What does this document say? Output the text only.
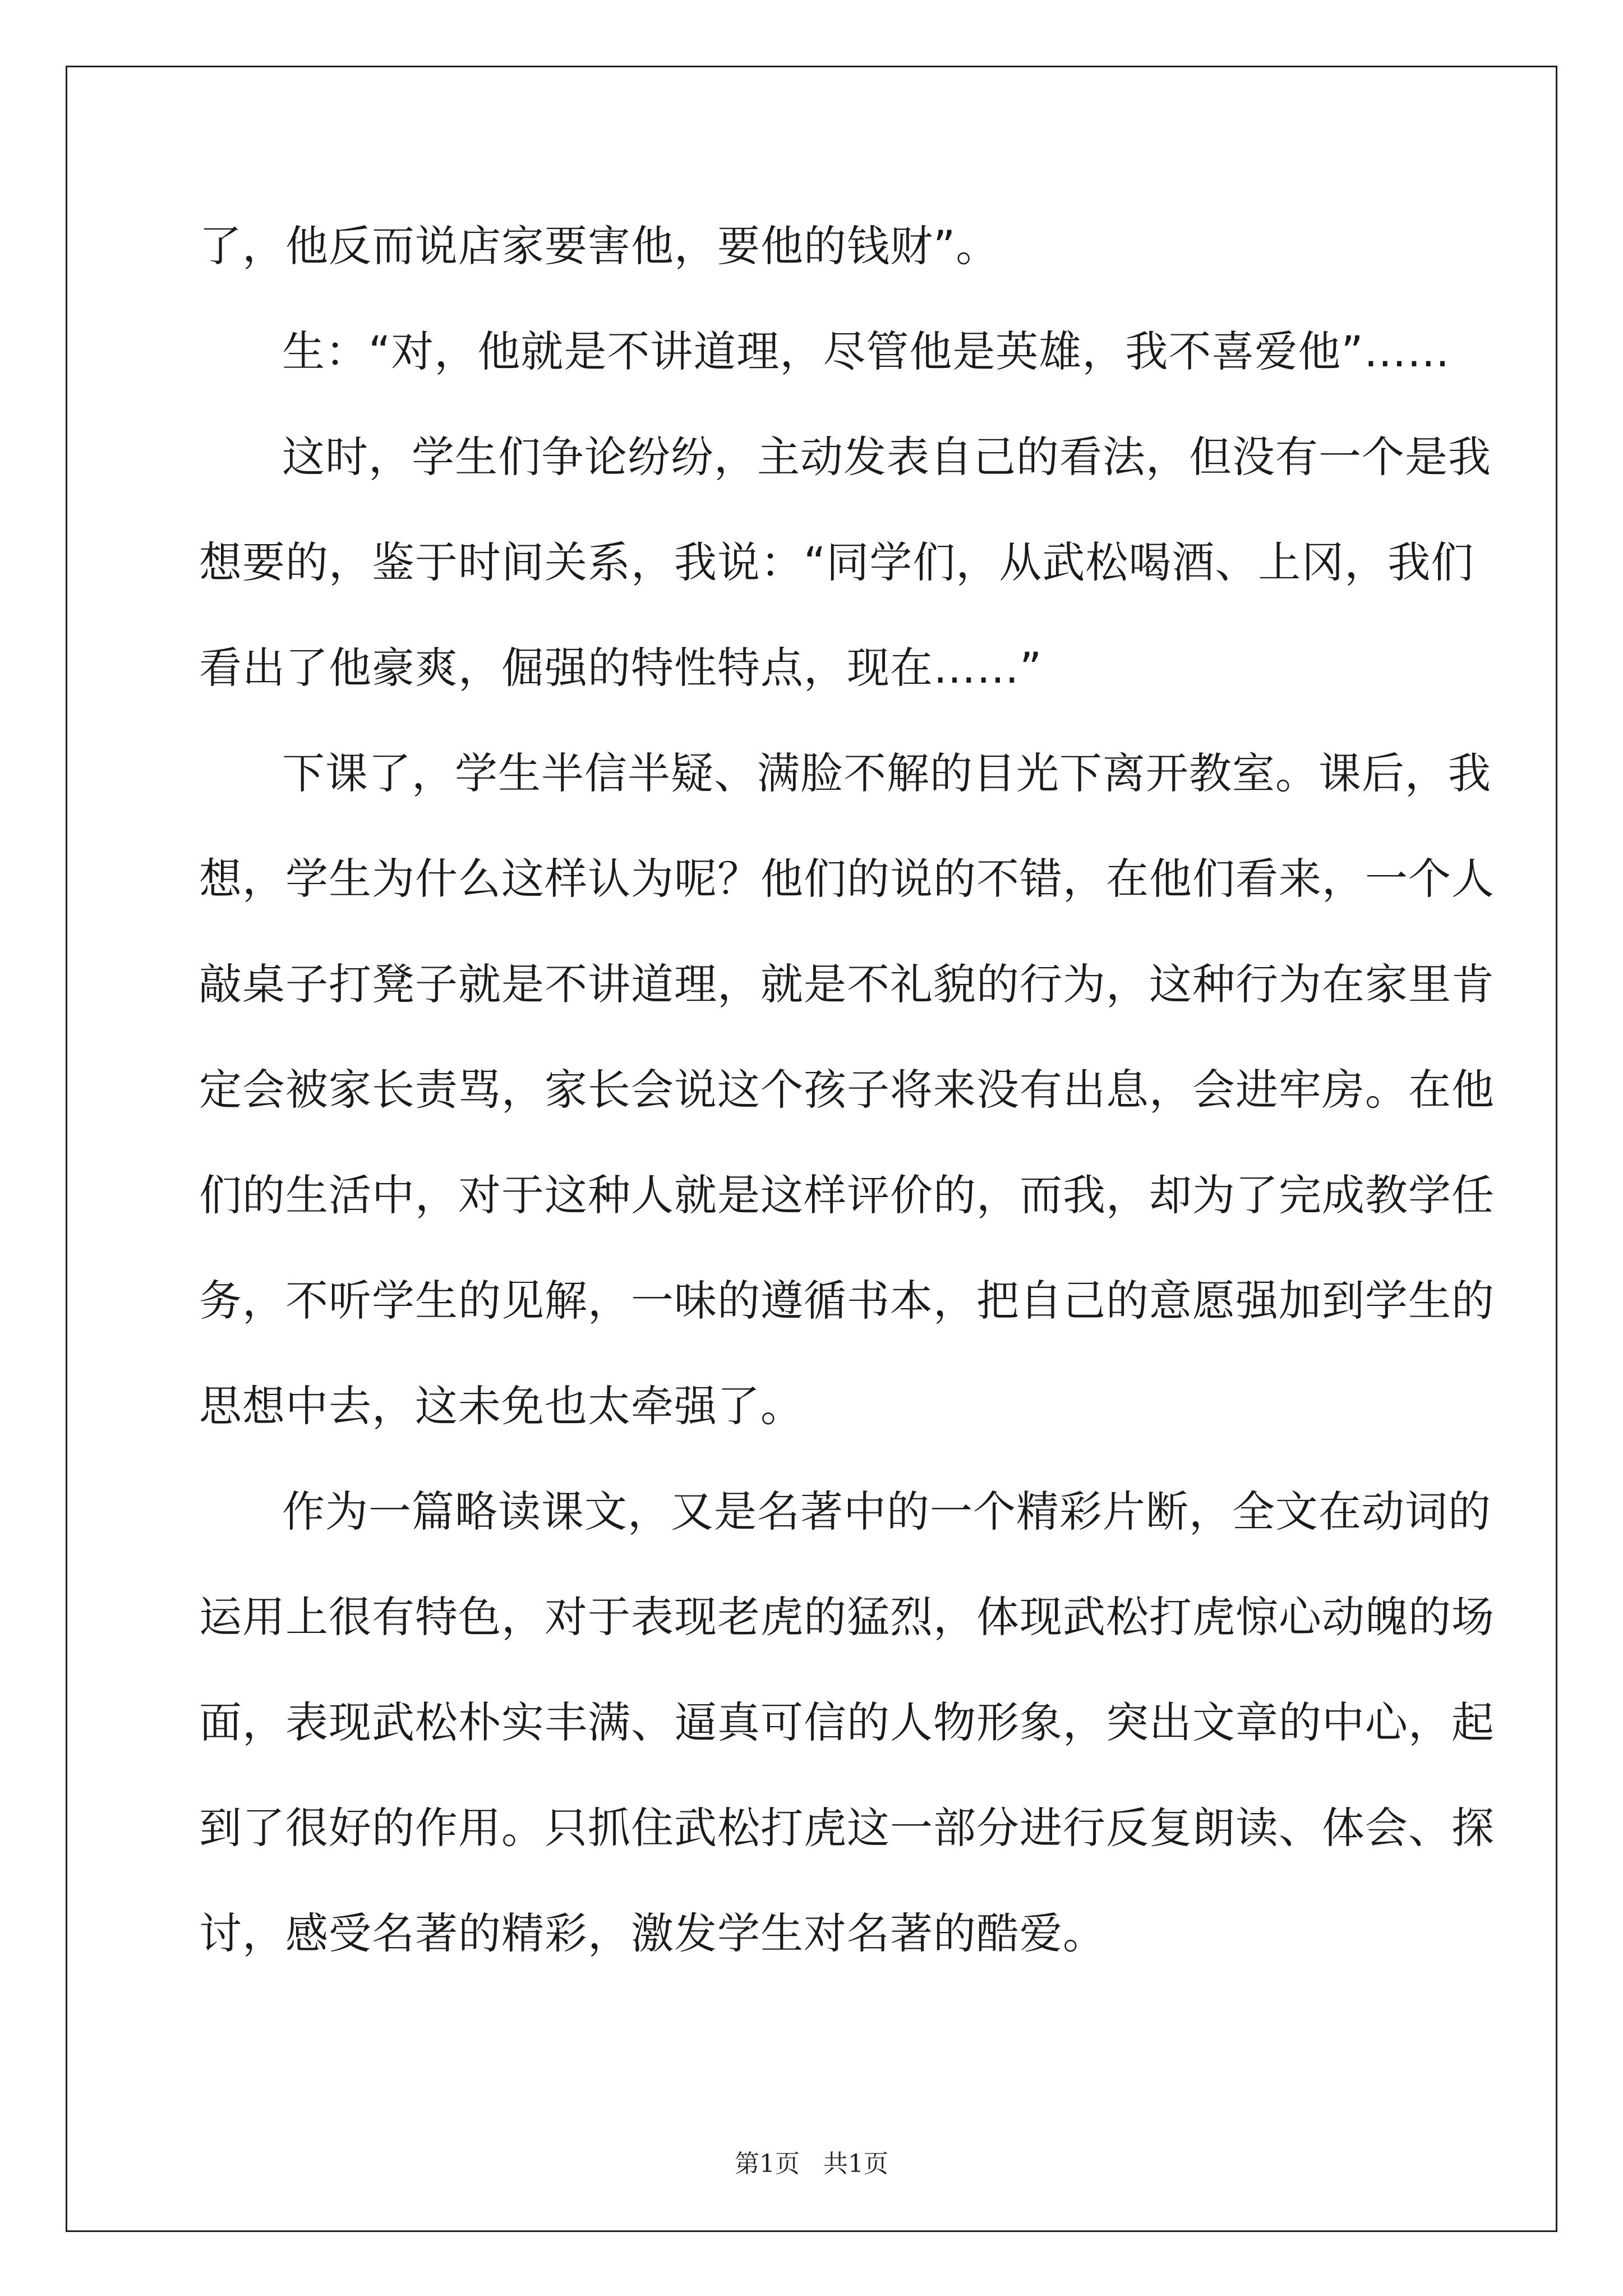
了，他反而说店家要害他，要他的钱财”。
生：“对，他就是不讲道理，尽管他是英雄，我不喜爱他”……
这时，学生们争论纷纷，主动发表自己的看法，但没有一个是我
想要的，鉴于时间关系，我说：“同学们，从武松喝酒、上冈，我们
看出了他豪爽，倔强的特性特点，现在……”
下课了，学生半信半疑、满脸不解的目光下离开教室。课后，我
想，学生为什么这样认为呢？他们的说的不错，在他们看来，一个人
敲桌子打凳子就是不讲道理，就是不礼貌的行为，这种行为在家里肯
定会被家长责骂，家长会说这个孩子将来没有出息，会进牢房。在他
们的生活中，对于这种人就是这样评价的，而我，却为了完成教学任
务，不听学生的见解，一味的遵循书本，把自己的意愿强加到学生的
思想中去，这未免也太牵强了。
作为一篇略读课文，又是名著中的一个精彩片断，全文在动词的
运用上很有特色，对于表现老虎的猛烈，体现武松打虎惊心动魄的场
面，表现武松朴实丰满、逼真可信的人物形象，突出文章的中心，起
到了很好的作用。只抓住武松打虎这一部分进行反复朗读、体会、探
讨，感受名著的精彩，激发学生对名著的酷爱。
第1页 共1页
